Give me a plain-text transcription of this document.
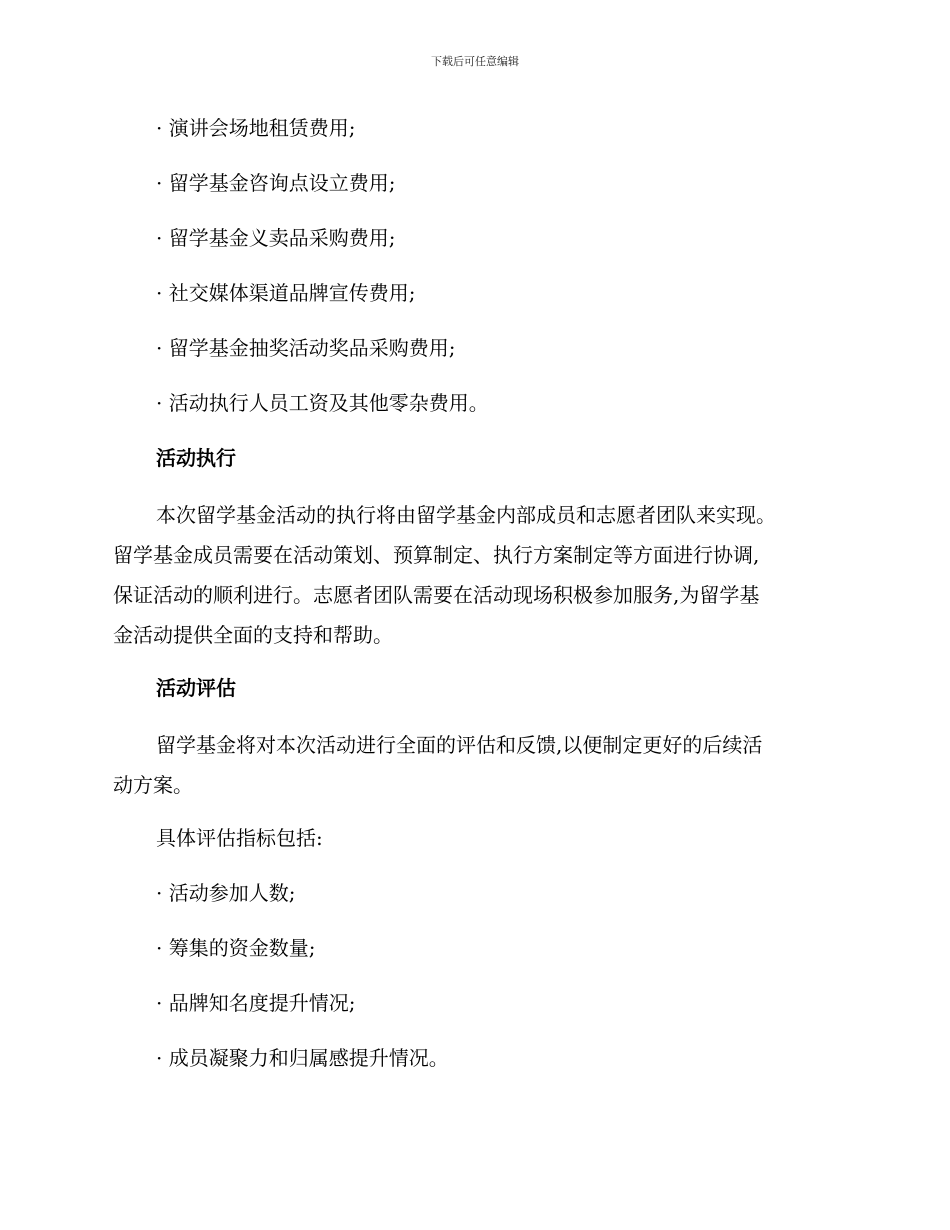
下载后可任意编辑
· 演讲会场地租赁费用;
· 留学基金咨询点设立费用;
· 留学基金义卖品采购费用;
· 社交媒体渠道品牌宣传费用;
· 留学基金抽奖活动奖品采购费用;
· 活动执行人员工资及其他零杂费用。
活动执行
本次留学基金活动的执行将由留学基金内部成员和志愿者团队来实现。
留学基金成员需要在活动策划、预算制定、执行方案制定等方面进行协调,
保证活动的顺利进行。志愿者团队需要在活动现场积极参加服务,为留学基
金活动提供全面的支持和帮助。
活动评估
留学基金将对本次活动进行全面的评估和反馈,以便制定更好的后续活
动方案。
具体评估指标包括:
· 活动参加人数;
· 筹集的资金数量;
· 品牌知名度提升情况;
· 成员凝聚力和归属感提升情况。
